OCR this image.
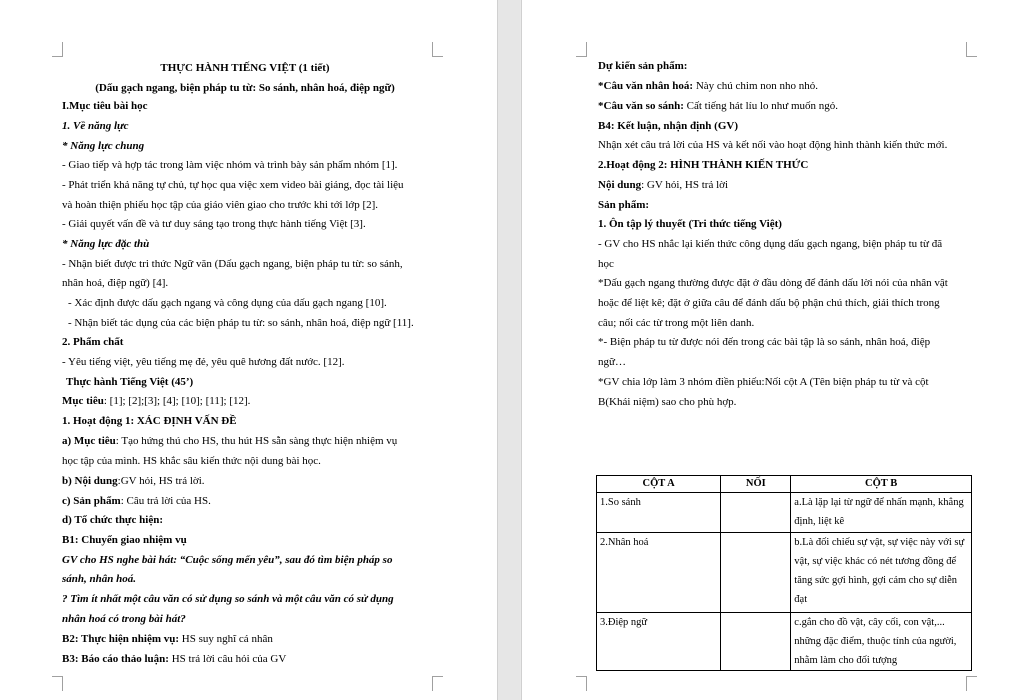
THỰC HÀNH TIẾNG VIỆT (1 tiết)
(Dấu gạch ngang, biện pháp tu từ: So sánh, nhân hoá, điệp ngữ)
I.Mục tiêu bài học
1. Về năng lực
* Năng lực chung
- Giao tiếp và hợp tác trong làm việc nhóm và trình bày sản phẩm nhóm [1].
- Phát triển khả năng tự chủ, tự học qua việc xem video bài giảng, đọc tài liệu
và hoàn thiện phiếu học tập của giáo viên giao cho trước khi tới lớp [2].
- Giải quyết vấn đề và tư duy sáng tạo trong thực hành tiếng Việt [3].
* Năng lực đặc thù
- Nhận biết được tri thức Ngữ văn (Dấu gạch ngang, biện pháp tu từ: so sánh,
nhân hoá, điệp ngữ) [4].
- Xác định được dấu gạch ngang và công dụng của dấu gạch ngang [10].
- Nhận biết tác dụng của các biện pháp tu từ: so sánh, nhân hoá, điệp ngữ [11].
2. Phẩm chất
- Yêu tiếng việt, yêu tiếng mẹ đẻ, yêu quê hương đất nước. [12].
Thực hành Tiếng Việt (45’)
Mục tiêu: [1]; [2];[3]; [4]; [10]; [11]; [12].
1. Hoạt động 1: XÁC ĐỊNH VẤN ĐỀ
a) Mục tiêu: Tạo hứng thú cho HS, thu hút HS sẵn sàng thực hiện nhiệm vụ
học tập của mình. HS khắc sâu kiến thức nội dung bài học.
b) Nội dung:GV hỏi, HS trả lời.
c) Sản phẩm: Câu trả lời của HS.
d) Tổ chức thực hiện:
B1: Chuyển giao nhiệm vụ
GV cho HS nghe bài hát: “Cuộc sống mến yêu”, sau đó tìm biện pháp so
sánh, nhân hoá.
? Tìm ít nhất một câu văn có sử dụng so sánh và một câu văn có sử dụng
nhân hoá có trong bài hát?
B2: Thực hiện nhiệm vụ: HS suy nghĩ cá nhân
B3: Báo cáo thảo luận: HS trả lời câu hỏi của GV
Dự kiến sản phẩm:
*Câu văn nhân hoá: Này chú chim non nho nhỏ.
*Câu văn so sánh: Cất tiếng hát líu lo như muốn ngỏ.
B4: Kết luận, nhận định (GV)
Nhận xét câu trả lời của HS và kết nối vào hoạt động hình thành kiến thức mới.
2.Hoạt động 2: HÌNH THÀNH KIẾN THỨC
Nội dung: GV hỏi, HS trả lời
Sản phẩm:
1. Ôn tập lý thuyết (Tri thức tiếng Việt)
- GV cho HS nhắc lại kiến thức công dụng dấu gạch ngang, biện pháp tu từ đã
học
*Dấu gạch ngang thường được đặt ở đầu dòng để đánh dấu lời nói của nhân vật
hoặc để liệt kê; đặt ở giữa câu để đánh dấu bộ phận chú thích, giải thích trong
câu; nối các từ trong một liên danh.
*- Biện pháp tu từ được nói đến trong các bài tập là so sánh, nhân hoá, điệp
ngữ…
*GV chia lớp làm 3 nhóm điền phiếu:Nối cột A (Tên biện pháp tu từ và cột
B(Khái niệm) sao cho phù hợp.
CỘT A	NỐI	CỘT B
1.So sánh		a.Là lặp lại từ ngữ để nhấn mạnh, khẳng định, liệt kê
2.Nhân hoá		b.Là đối chiếu sự vật, sự việc này với sự vật, sự việc khác có nét tương đồng để tăng sức gợi hình, gợi cảm cho sự diễn đạt
3.Điệp ngữ		c.gắn cho đồ vật, cây cối, con vật,... những đặc điểm, thuộc tính của người, nhằm làm cho đối tượng
